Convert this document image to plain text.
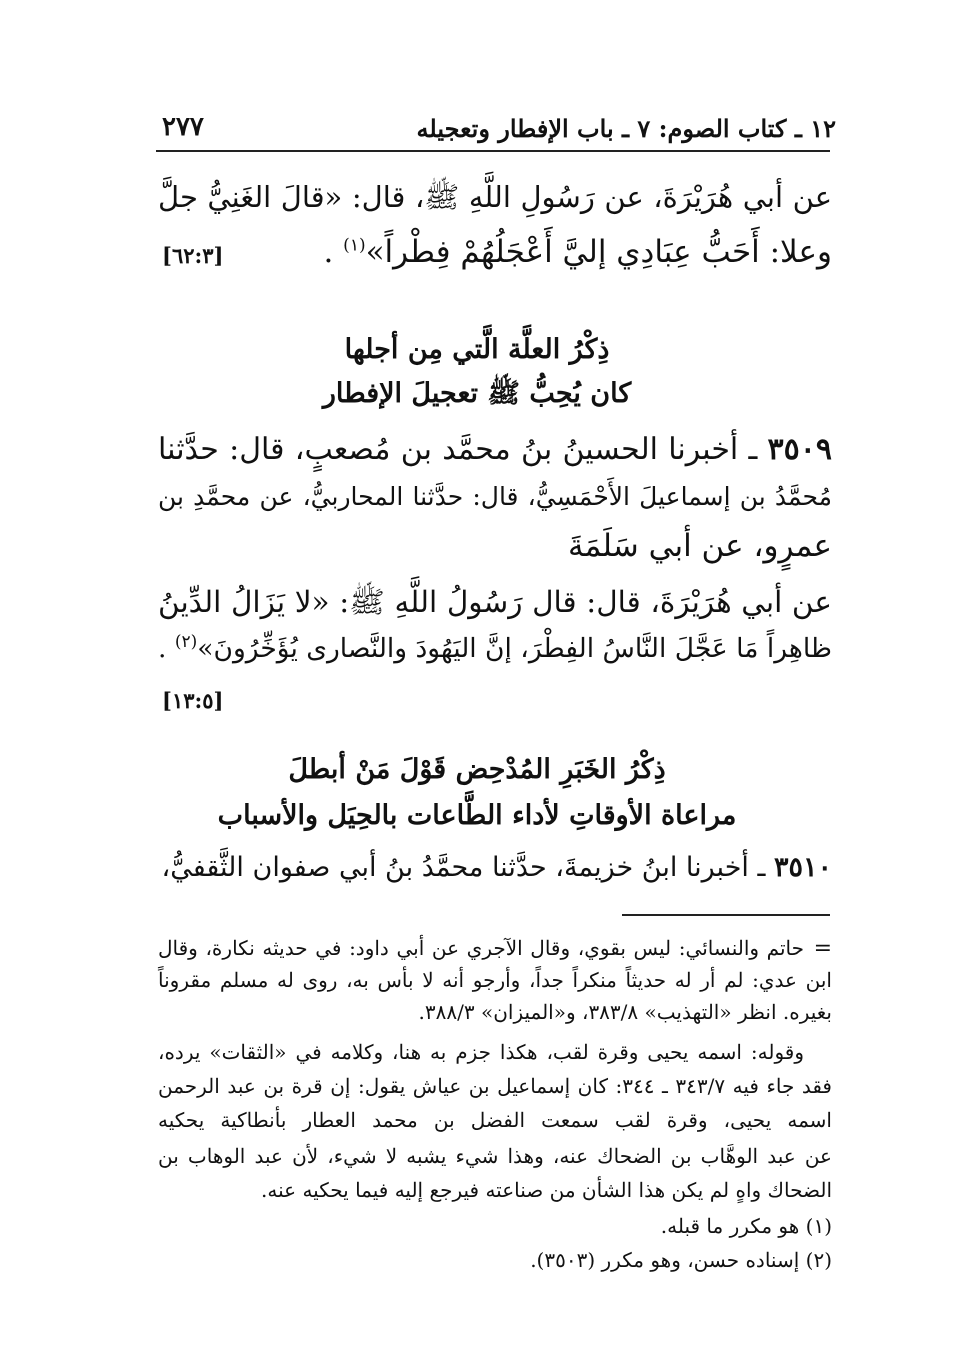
١٢ ـ كتاب الصوم: ٧ ـ باب الإفطار وتعجيله
٢٧٧
عن أبي هُرَيْرَةَ، عن رَسُولِ اللَّهِ ﷺ، قال: «قالَ الغَنِيُّ جلَّ
وعلا: أَحَبُّ عِبَادِي إليَّ أَعْجَلُهُمْ فِطْراً»$^{(١)}$ .
[٦٢:٣]
ذِكْرُ العلَّة الَّتي مِن أجلها
كان يُحِبُّ ﷺ تعجيلَ الإفطار
٣٥٠٩ ـ أخبرنا الحسينُ بنُ محمَّد بن مُصعبٍ، قال: حدَّثنا
مُحمَّدُ بن إسماعيلَ الأَحْمَسِيُّ، قال: حدَّثنا المحاربيُّ، عن محمَّدِ بن
عمرٍو، عن أبي سَلَمَةَ
عن أبي هُرَيْرَةَ، قال: قال رَسُولُ اللَّهِ ﷺ: «لا يَزَالُ الدِّينُ
ظاهِراً مَا عَجَّلَ النَّاسُ الفِطْرَ، إنَّ اليَهُودَ والنَّصارى يُؤَخِّرُونَ»$^{(٢)}$ .
[١٣:٥]
ذِكْرُ الخَبَرِ المُدْحِض قَوْلَ مَنْ أبطلَ
مراعاة الأوقاتِ لأداء الطَّاعات بالحِيَل والأسباب
٣٥١٠ ـ أخبرنا ابنُ خزيمةَ، حدَّثنا محمَّدُ بنُ أبي صفوان الثَّقفيُّ،
=
حاتم والنسائي: ليس بقوي، وقال الآجري عن أبي داود: في حديثه نكارة، وقال
ابن عدي: لم أر له حديثاً منكراً جداً، وأرجو أنه لا بأس به، روى له مسلم مقروناً
بغيره. انظر «التهذيب» ٣٨٣/٨، و«الميزان» ٣٨٨/٣.
وقوله: اسمه يحيى وقرة لقب، هكذا جزم به هنا، وكلامه في «الثقات» يرده،
فقد جاء فيه ٣٤٣/٧ ـ ٣٤٤: كان إسماعيل بن عياش يقول: إن قرة بن عبد الرحمن
اسمه يحيى، وقرة لقب سمعت الفضل بن محمد العطار بأنطاكية يحكيه
عن عبد الوهَّاب بن الضحاك عنه، وهذا شيء يشبه لا شيء، لأن عبد الوهاب بن
الضحاك واهٍ لم يكن هذا الشأن من صناعته فيرجع إليه فيما يحكيه عنه.
(١) هو مكرر ما قبله.
(٢) إسناده حسن، وهو مكرر (٣٥٠٣).
